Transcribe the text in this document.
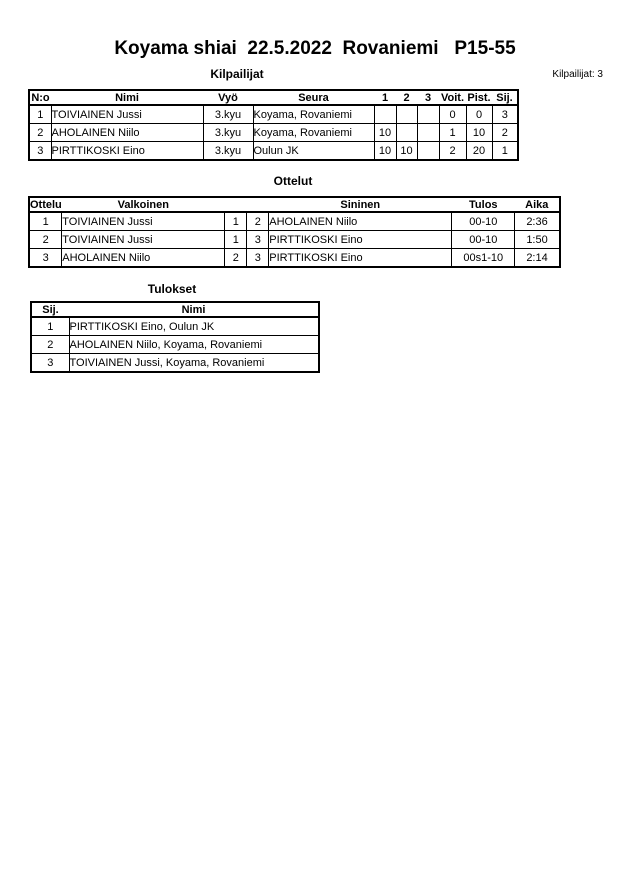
Koyama shiai  22.5.2022  Rovaniemi   P15-55
Kilpailijat	Kilpailijat: 3
N:o	Nimi	Vyö	Seura	1	2	3	Voit.	Pist.	Sij.
1	TOIVIAINEN Jussi	3.kyu	Koyama, Rovaniemi				0	0	3
2	AHOLAINEN Niilo	3.kyu	Koyama, Rovaniemi	10			1	10	2
3	PIRTTIKOSKI Eino	3.kyu	Oulun JK	10	10		2	20	1
Ottelut
Ottelu	Valkoinen			Sininen	Tulos	Aika
1	TOIVIAINEN Jussi	1	2	AHOLAINEN Niilo	00-10	2:36
2	TOIVIAINEN Jussi	1	3	PIRTTIKOSKI Eino	00-10	1:50
3	AHOLAINEN Niilo	2	3	PIRTTIKOSKI Eino	00s1-10	2:14
Tulokset
Sij.	Nimi
1	PIRTTIKOSKI Eino, Oulun JK
2	AHOLAINEN Niilo, Koyama, Rovaniemi
3	TOIVIAINEN Jussi, Koyama, Rovaniemi
